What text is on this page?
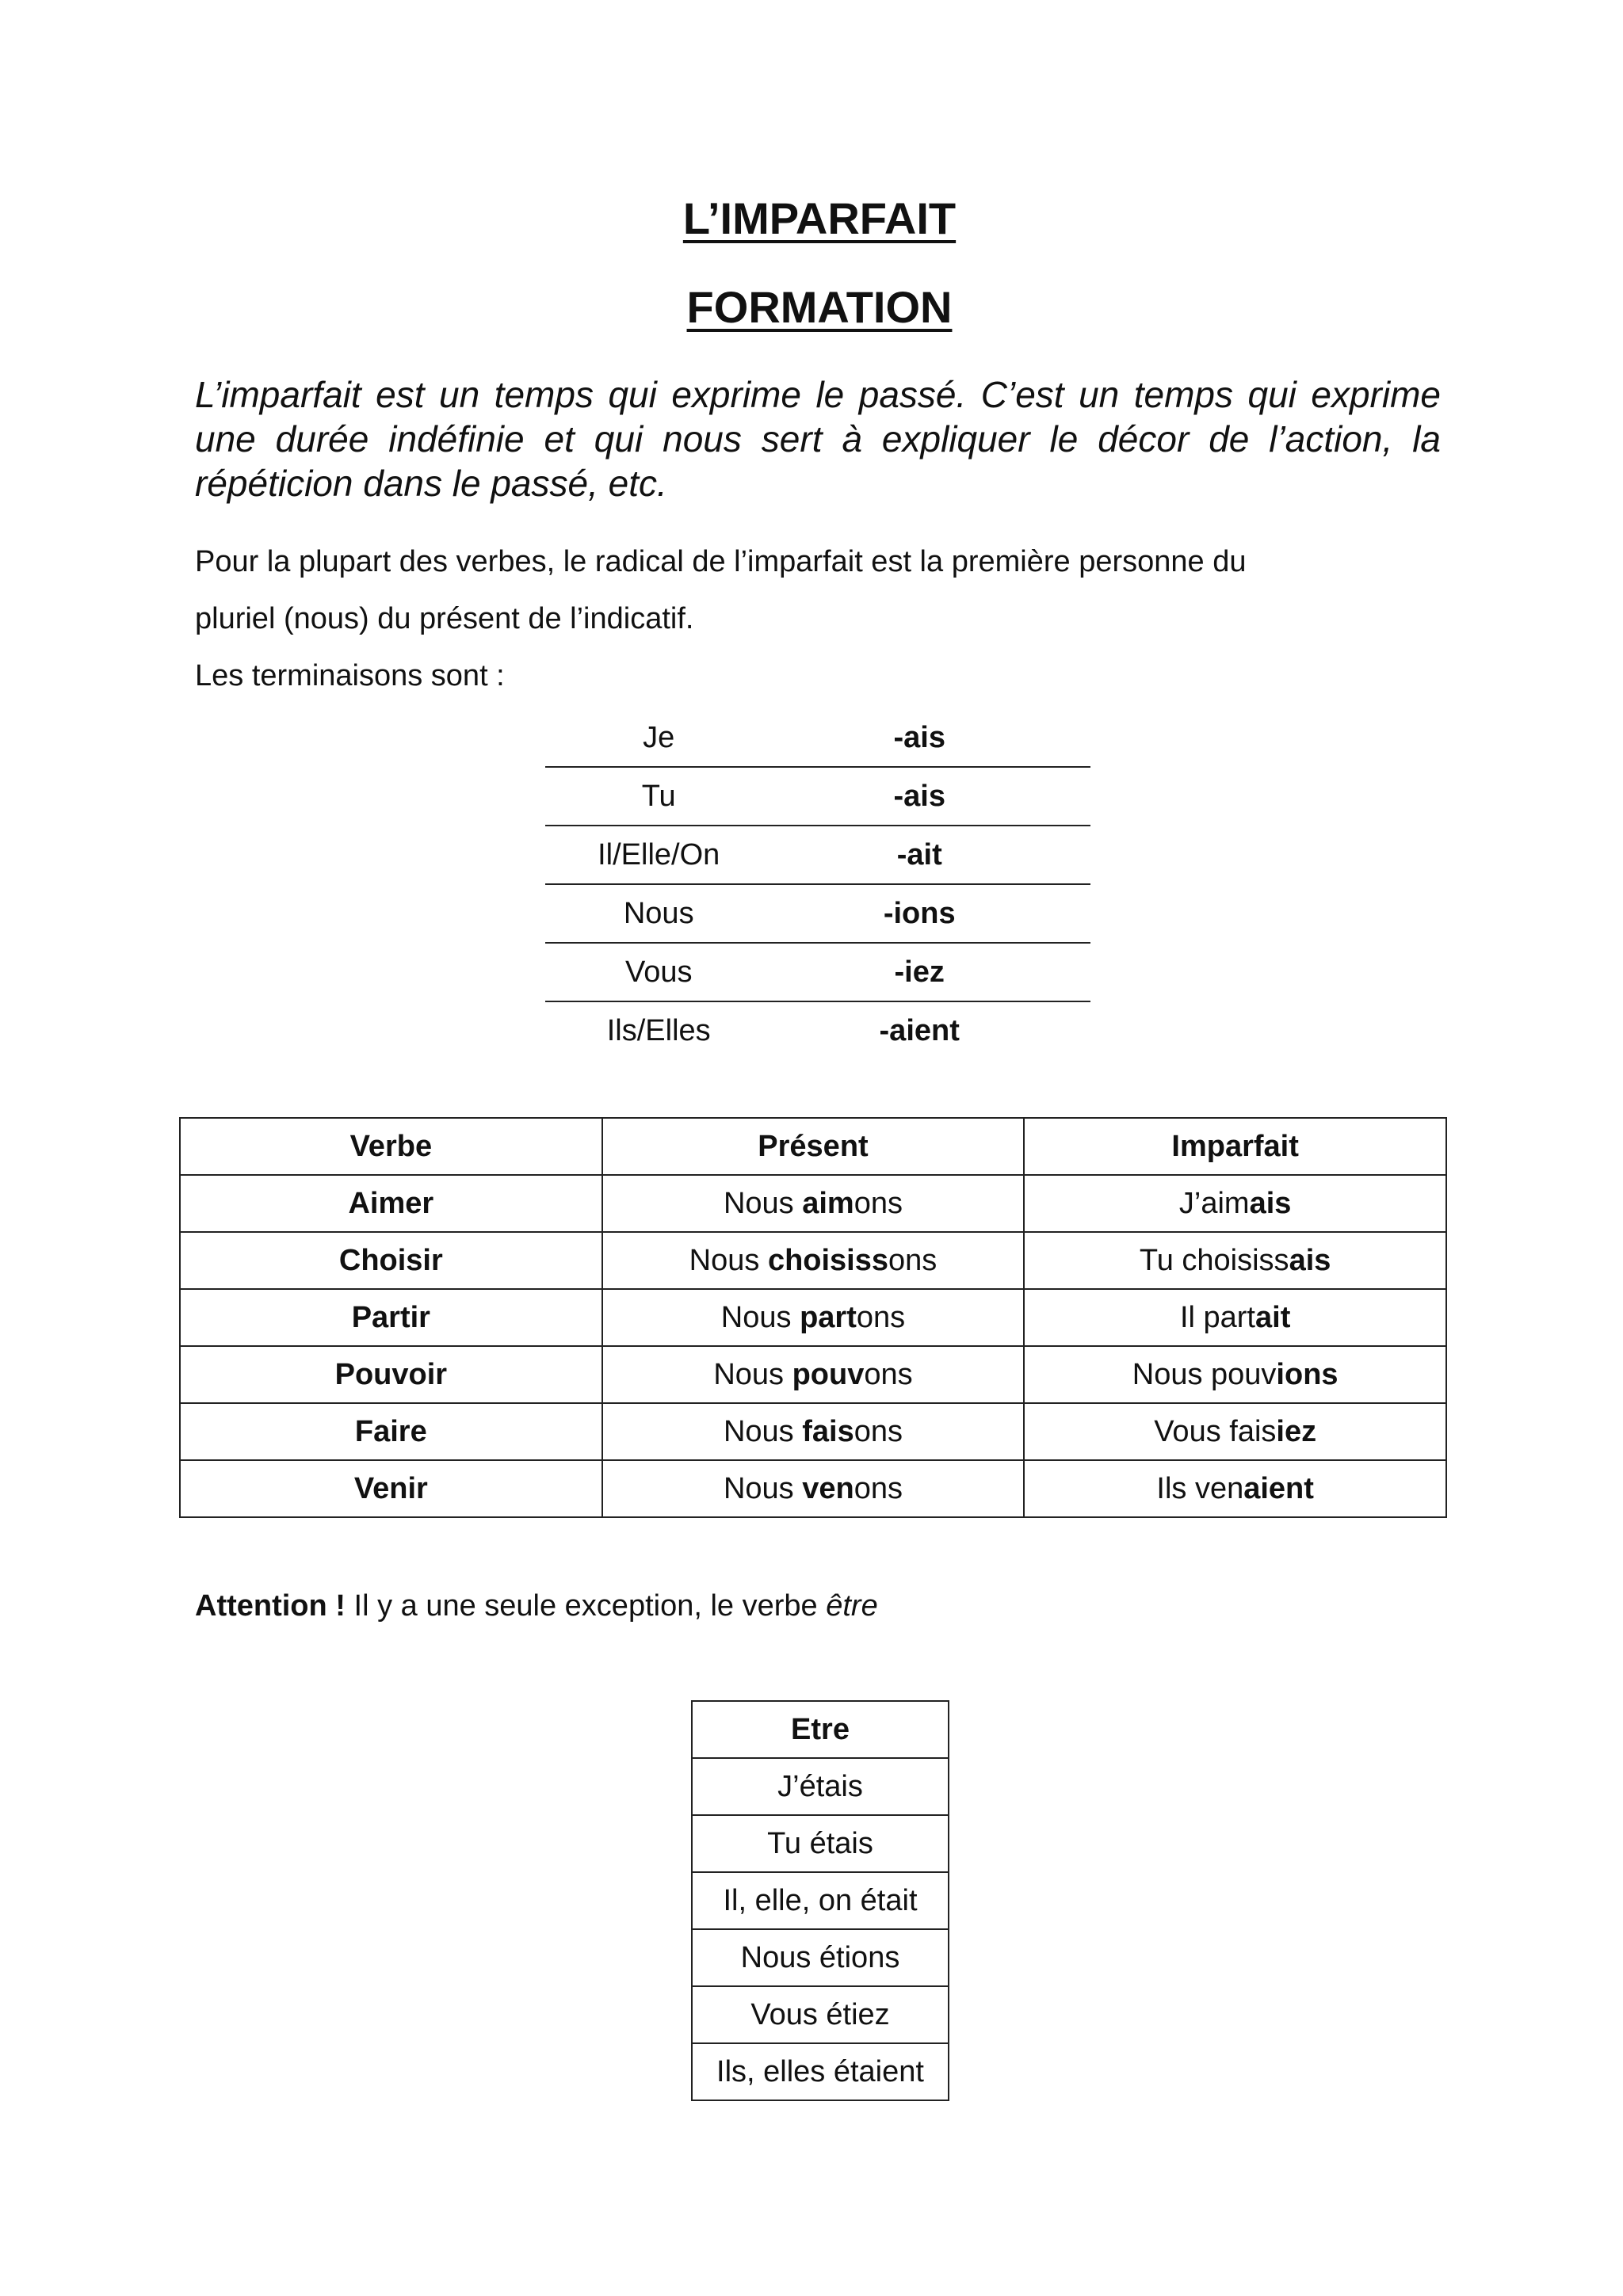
L’IMPARFAIT
FORMATION

L’imparfait est un temps qui exprime le passé. C’est un temps qui exprime une durée indéfinie et qui nous sert à expliquer le décor de l’action, la répéticion dans le passé, etc.

Pour la plupart des verbes, le radical de l’imparfait est la première personne du

pluriel (nous) du présent de l’indicatif.

Les terminaisons sont :

Je	-ais
Tu	-ais
Il/Elle/On	-ait
Nous	-ions
Vous	-iez
Ils/Elles	-aient
Verbe	Présent	Imparfait
Aimer	Nous aimons	J’aimais
Choisir	Nous choisissons	Tu choisissais
Partir	Nous partons	Il partait
Pouvoir	Nous pouvons	Nous pouvions
Faire	Nous faisons	Vous faisiez
Venir	Nous venons	Ils venaient

Attention ! Il y a une seule exception, le verbe être

Etre
J’étais
Tu étais
Il, elle, on était
Nous étions
Vous étiez
Ils, elles étaient
